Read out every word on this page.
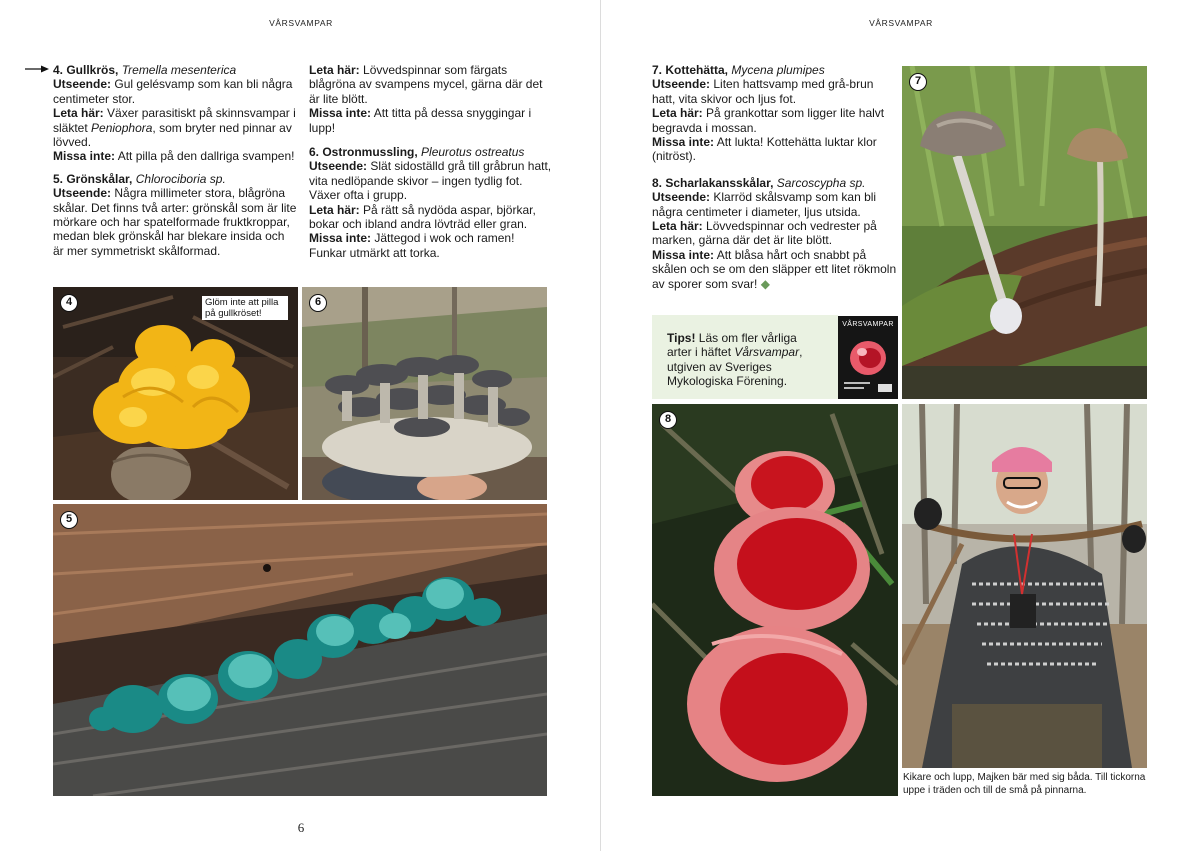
VÅRSVAMPAR

4. Gullkrös, Tremella mesenterica

Utseende: Gul gelésvamp som kan bli några centimeter stor.

Leta här: Växer parasitiskt på skinnsvampar i släktet Peniophora, som bryter ned pinnar av lövved.

Missa inte: Att pilla på den dallriga svampen!

5. Grönskålar, Chlorociboria sp.

Utseende: Några millimeter stora, blågröna skålar. Det finns två arter: grönskål som är lite mörkare och har spatelformade fruktkroppar, medan blek grönskål har blekare insida och är mer symmetriskt skålformad.

Leta här: Lövvedspinnar som färgats blågröna av svampens mycel, gärna där det är lite blött.

Missa inte: Att titta på dessa snyggingar i lupp!

6. Ostronmussling, Pleurotus ostreatus

Utseende: Slät sidoställd grå till gråbrun hatt, vita nedlöpande skivor – ingen tydlig fot. Växer ofta i grupp.

Leta här: På rätt så nydöda aspar, björkar, bokar och ibland andra lövträd eller gran.

Missa inte: Jättegod i wok och ramen! Funkar utmärkt att torka.

4	Glöm inte att pilla på gullkröset!
6
5
6
VÅRSVAMPAR

7. Kottehätta, Mycena plumipes

Utseende: Liten hattsvamp med grå-brun hatt, vita skivor och ljus fot.

Leta här: På grankottar som ligger lite halvt begravda i mossan.

Missa inte: Att lukta! Kottehätta luktar klor (nitröst).

8. Scharlakansskålar, Sarcoscypha sp.

Utseende: Klarröd skålsvamp som kan bli några centimeter i diameter, ljus utsida.

Leta här: Lövvedspinnar och vedrester på marken, gärna där det är lite blött.

Missa inte: Att blåsa hårt och snabbt på skålen och se om den släpper ett litet rökmoln av sporer som svar! ◆

Tips! Läs om fler vårliga arter i häftet Vårsvampar, utgiven av Sveriges Mykologiska Förening.
VÅRSVAMPAR
7
8
Kikare och lupp, Majken bär med sig båda. Till tickorna uppe i träden och till de små på pinnarna.
